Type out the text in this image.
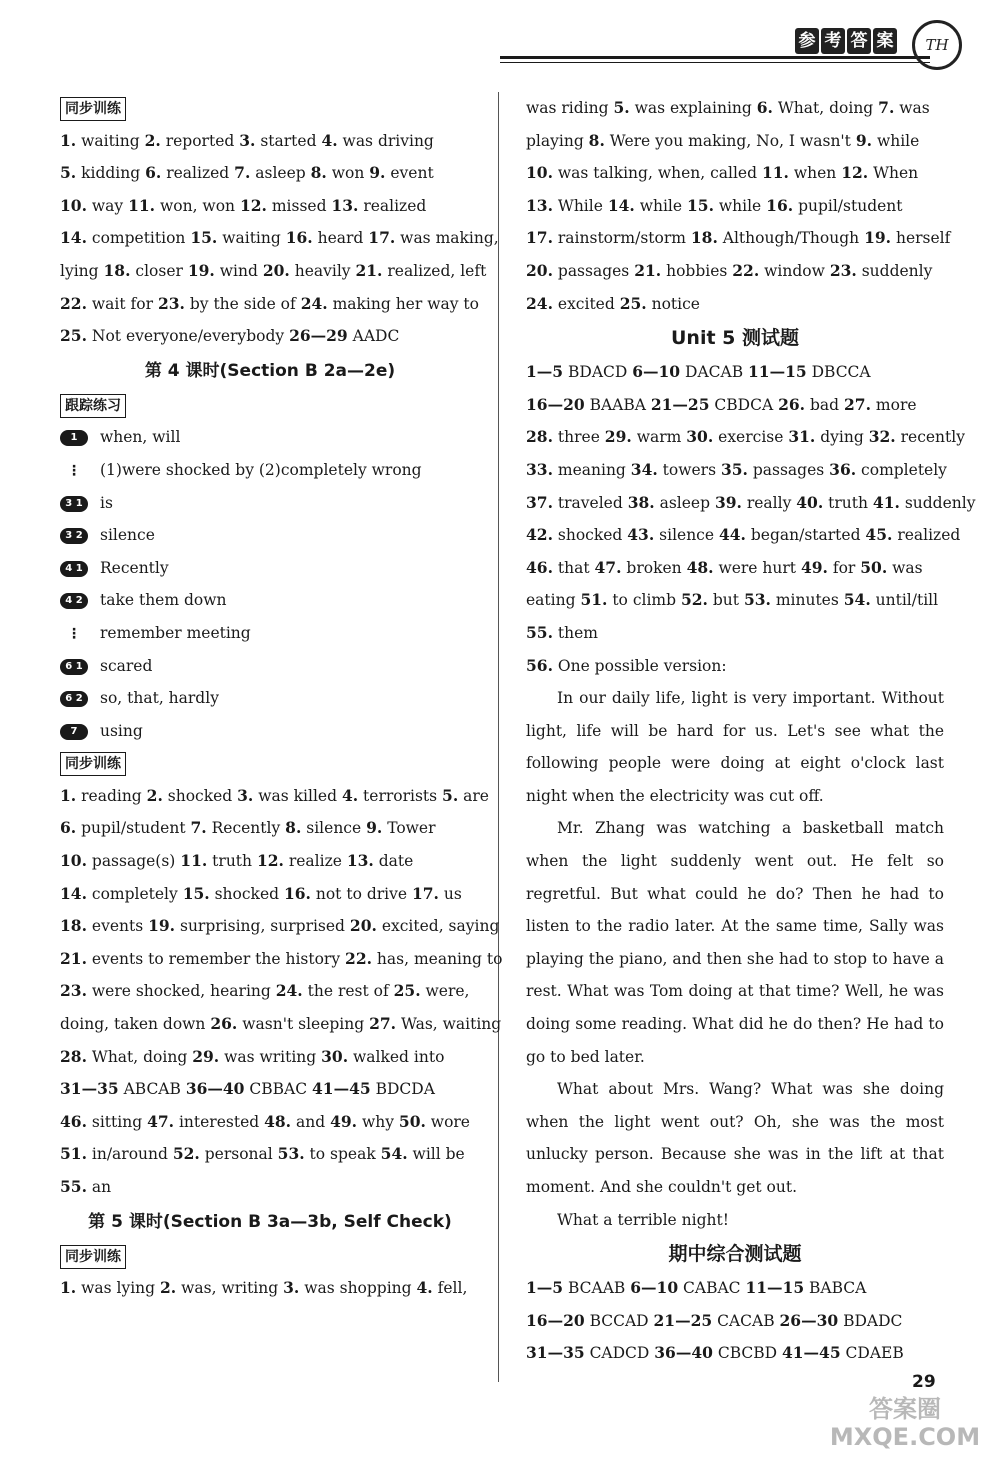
参 考 答 案	TH
同步训练
1. waiting 2. reported 3. started 4. was driving
5. kidding 6. realized 7. asleep 8. won 9. event
10. way 11. won, won 12. missed 13. realized
14. competition 15. waiting 16. heard 17. was making,
lying 18. closer 19. wind 20. heavily 21. realized, left
22. wait for 23. by the side of 24. making her way to
25. Not everyone/everybody 26—29 AADC
第 4 课时(Section B 2a—2e)
跟踪练习
1 when, will
⋮ (1)were shocked by (2)completely wrong
3 1 is
3 2 silence
4 1 Recently
4 2 take them down
⋮ remember meeting
6 1 scared
6 2 so, that, hardly
7 using
同步训练
1. reading 2. shocked 3. was killed 4. terrorists 5. are
6. pupil/student 7. Recently 8. silence 9. Tower
10. passage(s) 11. truth 12. realize 13. date
14. completely 15. shocked 16. not to drive 17. us
18. events 19. surprising, surprised 20. excited, saying
21. events to remember the history 22. has, meaning to
23. were shocked, hearing 24. the rest of 25. were,
doing, taken down 26. wasn't sleeping 27. Was, waiting
28. What, doing 29. was writing 30. walked into
31—35 ABCAB 36—40 CBBAC 41—45 BDCDA
46. sitting 47. interested 48. and 49. why 50. wore
51. in/around 52. personal 53. to speak 54. will be
55. an
第 5 课时(Section B 3a—3b, Self Check)
同步训练
1. was lying 2. was, writing 3. was shopping 4. fell,
was riding 5. was explaining 6. What, doing 7. was
playing 8. Were you making, No, I wasn't 9. while
10. was talking, when, called 11. when 12. When
13. While 14. while 15. while 16. pupil/student
17. rainstorm/storm 18. Although/Though 19. herself
20. passages 21. hobbies 22. window 23. suddenly
24. excited 25. notice
Unit 5 测试题
1—5 BDACD 6—10 DACAB 11—15 DBCCA
16—20 BAABA 21—25 CBDCA 26. bad 27. more
28. three 29. warm 30. exercise 31. dying 32. recently
33. meaning 34. towers 35. passages 36. completely
37. traveled 38. asleep 39. really 40. truth 41. suddenly
42. shocked 43. silence 44. began/started 45. realized
46. that 47. broken 48. were hurt 49. for 50. was
eating 51. to climb 52. but 53. minutes 54. until/till
55. them
56. One possible version:
In our daily life, light is very important. Without light, life will be hard for us. Let's see what the following people were doing at eight o'clock last night when the electricity was cut off.
Mr. Zhang was watching a basketball match when the light suddenly went out. He felt so regretful. But what could he do? Then he had to listen to the radio later. At the same time, Sally was playing the piano, and then she had to stop to have a rest. What was Tom doing at that time? Well, he was doing some reading. What did he do then? He had to go to bed later.
What about Mrs. Wang? What was she doing when the light went out? Oh, she was the most unlucky person. Because she was in the lift at that moment. And she couldn't get out.
What a terrible night!
期中综合测试题
1—5 BCAAB 6—10 CABAC 11—15 BABCA
16—20 BCCAD 21—25 CACAB 26—30 BDADC
31—35 CADCD 36—40 CBCBD 41—45 CDAEB
29
答案圈
MXQE.COM
